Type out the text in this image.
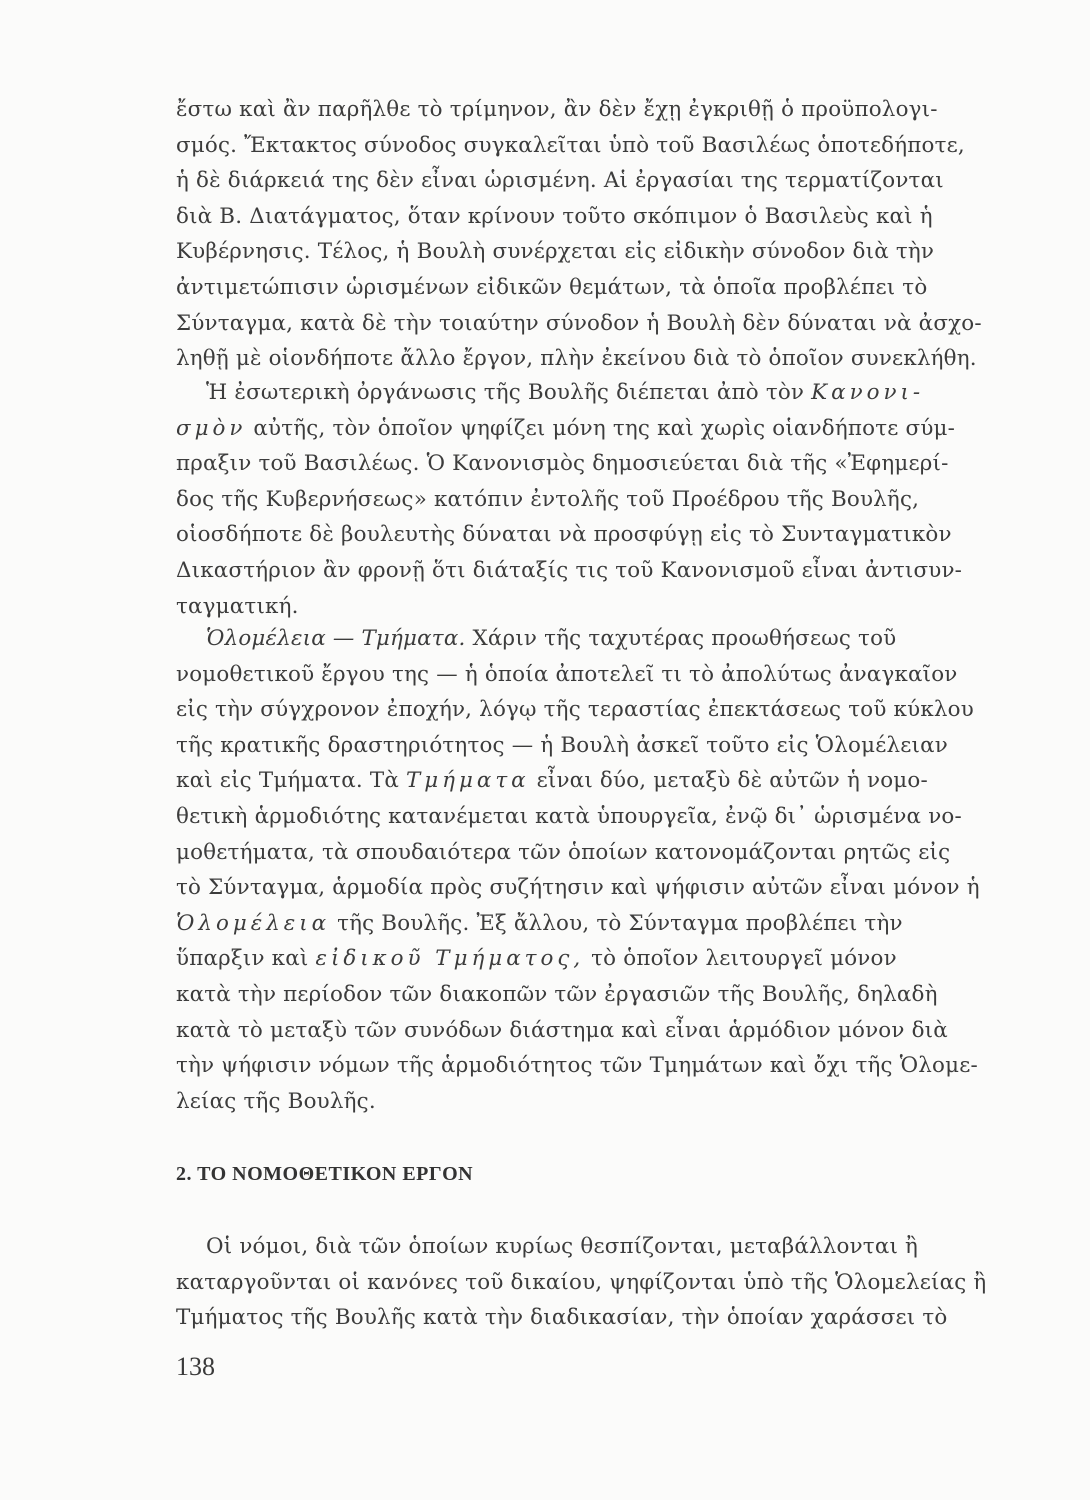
ἔστω καὶ ἂν παρῆλθε τὸ τρίμηνον, ἂν δὲν ἔχῃ ἐγκριθῇ ὁ προϋπολογι-
σμός. Ἔκτακτος σύνοδος συγκαλεῖται ὑπὸ τοῦ Βασιλέως ὁποτεδήποτε,
ἡ δὲ διάρκειά της δὲν εἶναι ὡρισμένη. Αἱ ἐργασίαι της τερματίζονται
διὰ Β. Διατάγματος, ὅταν κρίνουν τοῦτο σκόπιμον ὁ Βασιλεὺς καὶ ἡ
Κυβέρνησις. Τέλος, ἡ Βουλὴ συνέρχεται εἰς εἰδικὴν σύνοδον διὰ τὴν
ἀντιμετώπισιν ὡρισμένων εἰδικῶν θεμάτων, τὰ ὁποῖα προβλέπει τὸ
Σύνταγμα, κατὰ δὲ τὴν τοιαύτην σύνοδον ἡ Βουλὴ δὲν δύναται νὰ ἀσχο-
ληθῇ μὲ οἱονδήποτε ἄλλο ἔργον, πλὴν ἐκείνου διὰ τὸ ὁποῖον συνεκλήθη.
Ἡ ἐσωτερικὴ ὀργάνωσις τῆς Βουλῆς διέπεται ἀπὸ τὸν Κανονι-
σμὸν αὐτῆς, τὸν ὁποῖον ψηφίζει μόνη της καὶ χωρὶς οἱανδήποτε σύμ-
πραξιν τοῦ Βασιλέως. Ὁ Κανονισμὸς δημοσιεύεται διὰ τῆς «Ἐφημερί-
δος τῆς Κυβερνήσεως» κατόπιν ἐντολῆς τοῦ Προέδρου τῆς Βουλῆς,
οἱοσδήποτε δὲ βουλευτὴς δύναται νὰ προσφύγῃ εἰς τὸ Συνταγματικὸν
Δικαστήριον ἂν φρονῇ ὅτι διάταξίς τις τοῦ Κανονισμοῦ εἶναι ἀντισυν-
ταγματική.
Ὁλομέλεια — Τμήματα. Χάριν τῆς ταχυτέρας προωθήσεως τοῦ
νομοθετικοῦ ἔργου της — ἡ ὁποία ἀποτελεῖ τι τὸ ἀπολύτως ἀναγκαῖον
εἰς τὴν σύγχρονον ἐποχήν, λόγῳ τῆς τεραστίας ἐπεκτάσεως τοῦ κύκλου
τῆς κρατικῆς δραστηριότητος — ἡ Βουλὴ ἀσκεῖ τοῦτο εἰς Ὁλομέλειαν
καὶ εἰς Τμήματα. Τὰ Τμήματα εἶναι δύο, μεταξὺ δὲ αὐτῶν ἡ νομο-
θετικὴ ἁρμοδιότης κατανέμεται κατὰ ὑπουργεῖα, ἐνῷ δι᾿ ὡρισμένα νο-
μοθετήματα, τὰ σπουδαιότερα τῶν ὁποίων κατονομάζονται ρητῶς εἰς
τὸ Σύνταγμα, ἁρμοδία πρὸς συζήτησιν καὶ ψήφισιν αὐτῶν εἶναι μόνον ἡ
Ὁλομέλεια τῆς Βουλῆς. Ἐξ ἄλλου, τὸ Σύνταγμα προβλέπει τὴν
ὕπαρξιν καὶ εἰδικοῦ Τμήματος, τὸ ὁποῖον λειτουργεῖ μόνον
κατὰ τὴν περίοδον τῶν διακοπῶν τῶν ἐργασιῶν τῆς Βουλῆς, δηλαδὴ
κατὰ τὸ μεταξὺ τῶν συνόδων διάστημα καὶ εἶναι ἁρμόδιον μόνον διὰ
τὴν ψήφισιν νόμων τῆς ἁρμοδιότητος τῶν Τμημάτων καὶ ὄχι τῆς Ὁλομε-
λείας τῆς Βουλῆς.
2. ΤΟ ΝΟΜΟΘΕΤΙΚΟΝ ΕΡΓΟΝ
Οἱ νόμοι, διὰ τῶν ὁποίων κυρίως θεσπίζονται, μεταβάλλονται ἢ
καταργοῦνται οἱ κανόνες τοῦ δικαίου, ψηφίζονται ὑπὸ τῆς Ὁλομελείας ἢ
Τμήματος τῆς Βουλῆς κατὰ τὴν διαδικασίαν, τὴν ὁποίαν χαράσσει τὸ
138
